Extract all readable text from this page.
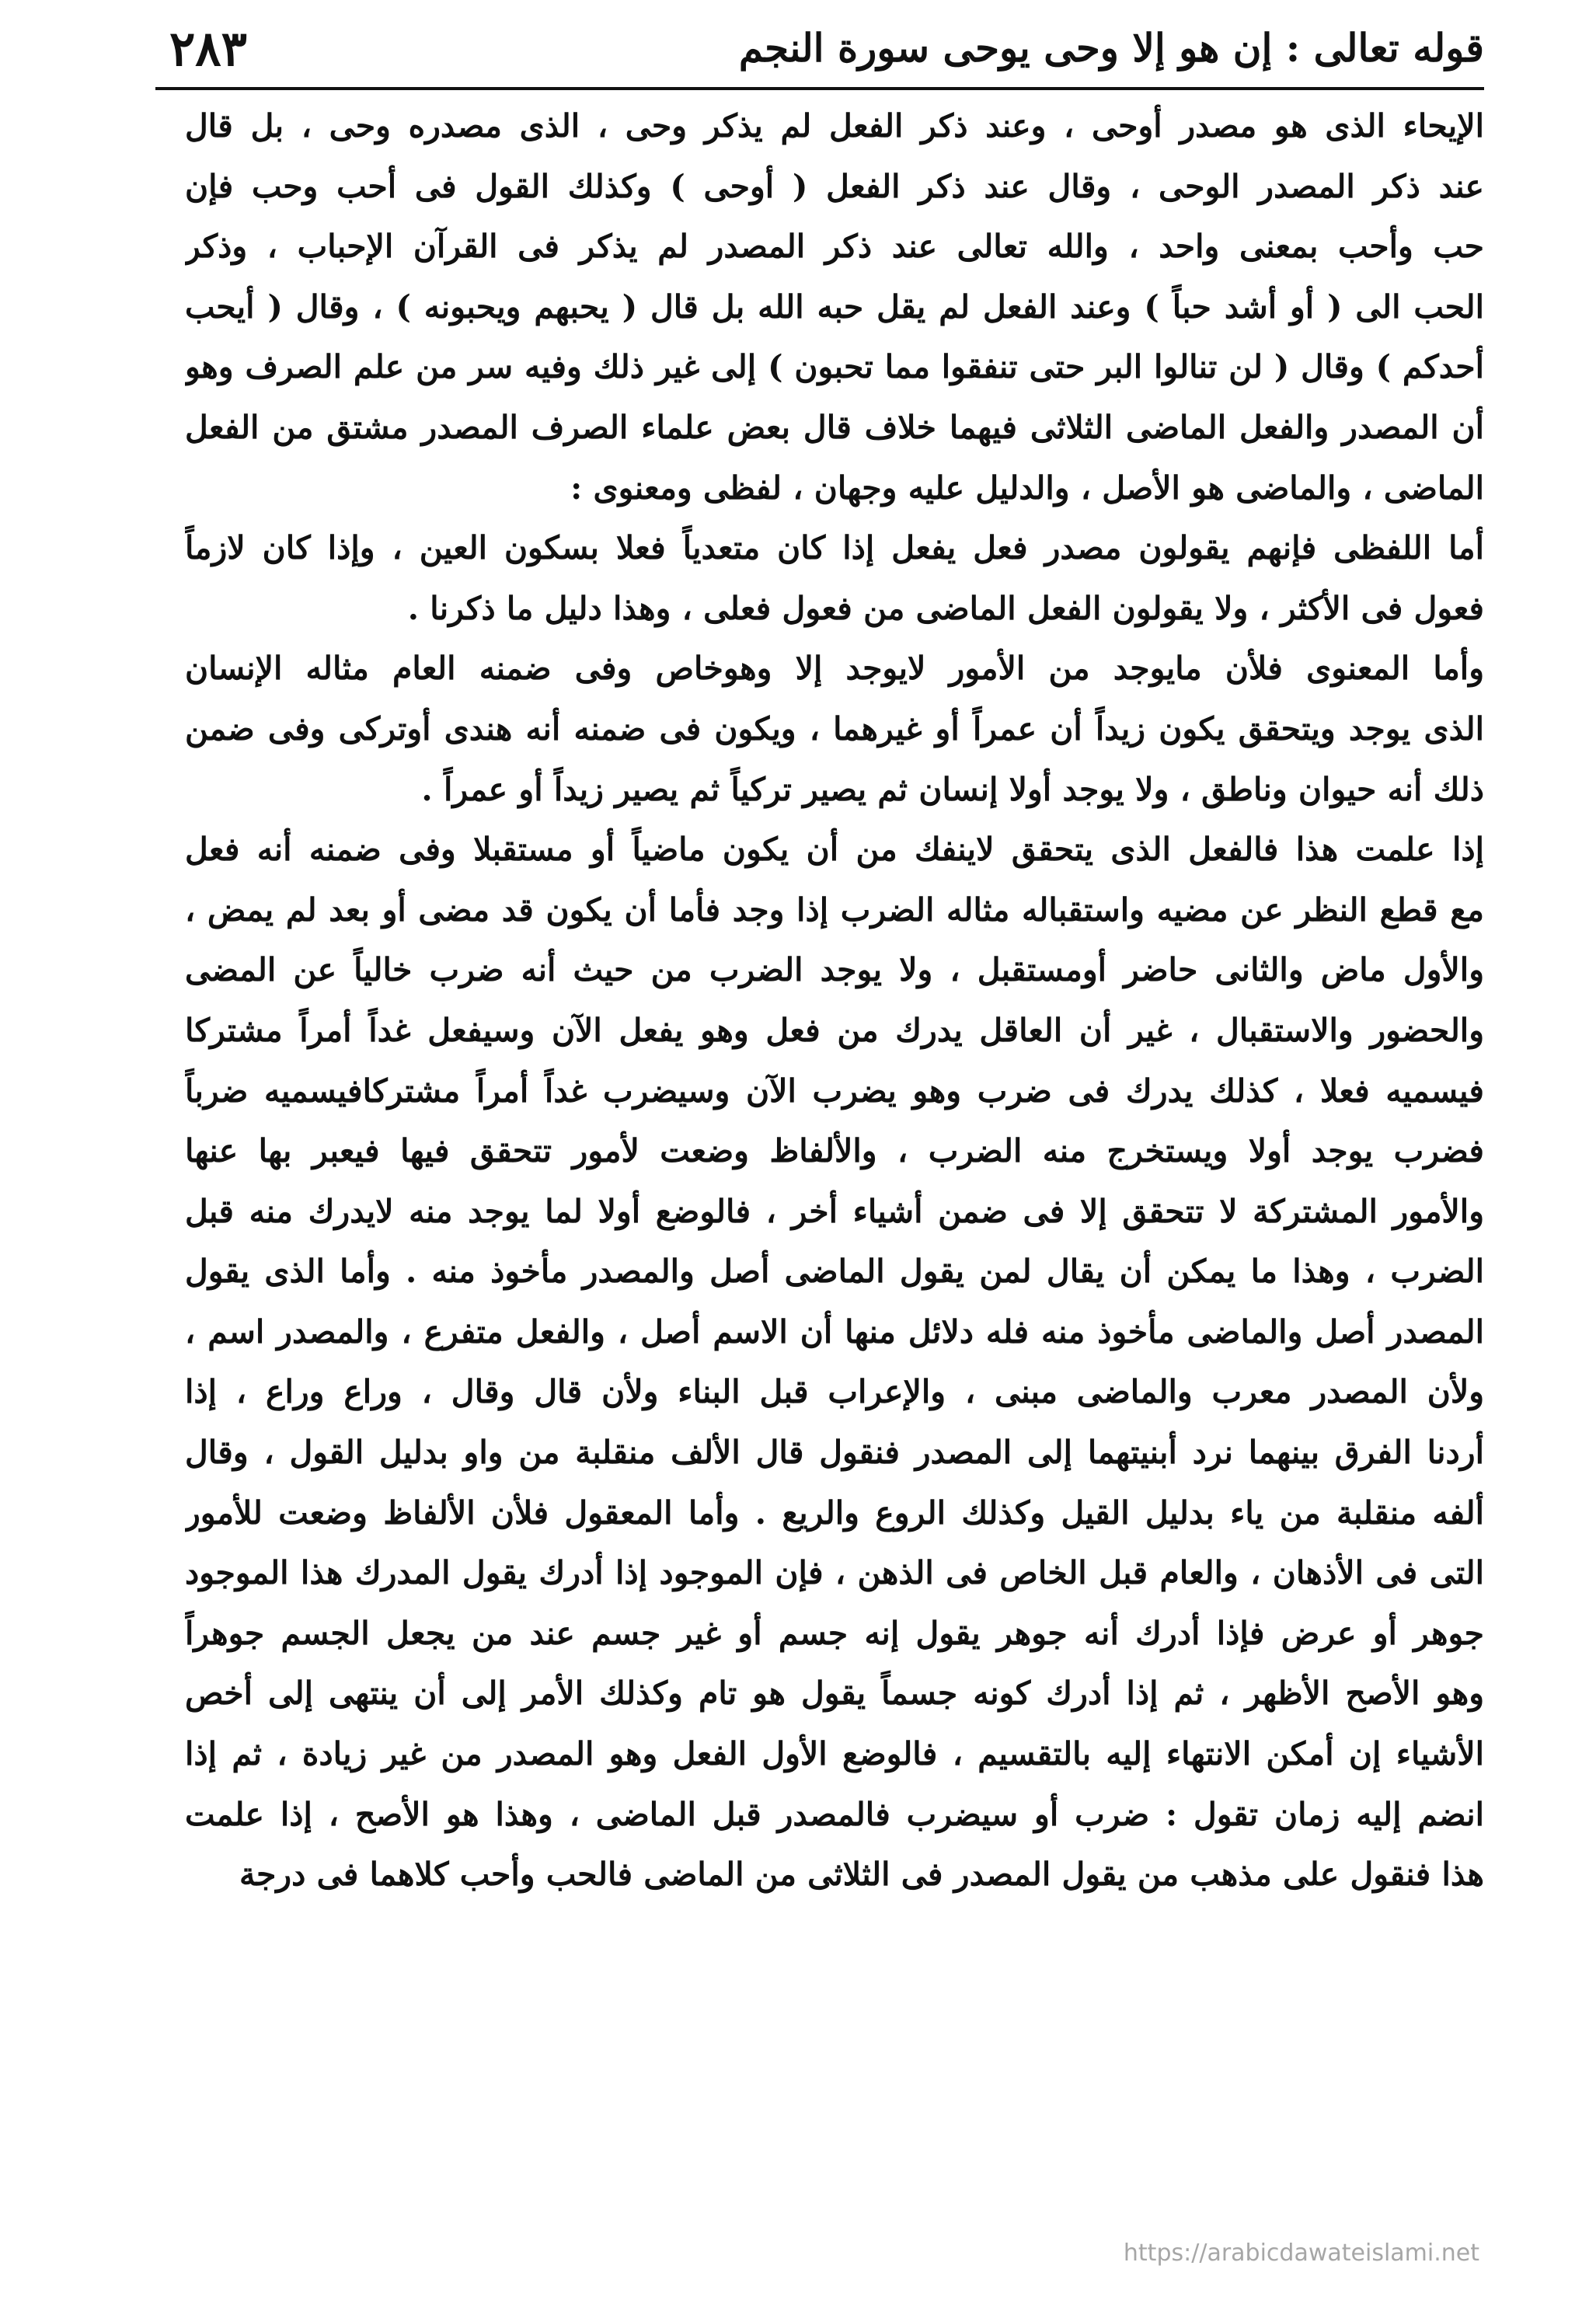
٢٨٣	قوله تعالى : إن هو إلا وحى يوحى سورة النجم
الإيحاء الذى هو مصدر أوحى ، وعند ذكر الفعل لم يذكر وحى ، الذى مصدره وحى ، بل قال
عند ذكر المصدر الوحى ، وقال عند ذكر الفعل ( أوحى ) وكذلك القول فى أحب وحب فإن
حب وأحب بمعنى واحد ، والله تعالى عند ذكر المصدر لم يذكر فى القرآن الإحباب ، وذكر
الحب الى ( أو أشد حباً ) وعند الفعل لم يقل حبه الله بل قال ( يحبهم ويحبونه ) ، وقال ( أيحب
أحدكم ) وقال ( لن تنالوا البر حتى تنفقوا مما تحبون ) إلى غير ذلك وفيه سر من علم الصرف وهو
أن المصدر والفعل الماضى الثلاثى فيهما خلاف قال بعض علماء الصرف المصدر مشتق من الفعل
الماضى ، والماضى هو الأصل ، والدليل عليه وجهان ، لفظى ومعنوى :
أما اللفظى فإنهم يقولون مصدر فعل يفعل إذا كان متعدياً فعلا بسكون العين ، وإذا كان لازماً
فعول فى الأكثر ، ولا يقولون الفعل الماضى من فعول فعلى ، وهذا دليل ما ذكرنا .
وأما المعنوى فلأن مايوجد من الأمور لايوجد إلا وهوخاص وفى ضمنه العام مثاله الإنسان
الذى يوجد ويتحقق يكون زيداً أن عمراً أو غيرهما ، ويكون فى ضمنه أنه هندى أوتركى وفى ضمن
ذلك أنه حيوان وناطق ، ولا يوجد أولا إنسان ثم يصير تركياً ثم يصير زيداً أو عمراً .
إذا علمت هذا فالفعل الذى يتحقق لاينفك من أن يكون ماضياً أو مستقبلا وفى ضمنه أنه فعل
مع قطع النظر عن مضيه واستقباله مثاله الضرب إذا وجد فأما أن يكون قد مضى أو بعد لم يمض ،
والأول ماض والثانى حاضر أومستقبل ، ولا يوجد الضرب من حيث أنه ضرب خالياً عن المضى
والحضور والاستقبال ، غير أن العاقل يدرك من فعل وهو يفعل الآن وسيفعل غداً أمراً مشتركا
فيسميه فعلا ، كذلك يدرك فى ضرب وهو يضرب الآن وسيضرب غداً أمراً مشتركافيسميه ضرباً
فضرب يوجد أولا ويستخرج منه الضرب ، والألفاظ وضعت لأمور تتحقق فيها فيعبر بها عنها
والأمور المشتركة لا تتحقق إلا فى ضمن أشياء أخر ، فالوضع أولا لما يوجد منه لايدرك منه قبل
الضرب ، وهذا ما يمكن أن يقال لمن يقول الماضى أصل والمصدر مأخوذ منه . وأما الذى يقول
المصدر أصل والماضى مأخوذ منه فله دلائل منها أن الاسم أصل ، والفعل متفرع ، والمصدر اسم ،
ولأن المصدر معرب والماضى مبنى ، والإعراب قبل البناء ولأن قال وقال ، وراع وراع ، إذا
أردنا الفرق بينهما نرد أبنيتهما إلى المصدر فنقول قال الألف منقلبة من واو بدليل القول ، وقال
ألفه منقلبة من ياء بدليل القيل وكذلك الروع والريع . وأما المعقول فلأن الألفاظ وضعت للأمور
التى فى الأذهان ، والعام قبل الخاص فى الذهن ، فإن الموجود إذا أدرك يقول المدرك هذا الموجود
جوهر أو عرض فإذا أدرك أنه جوهر يقول إنه جسم أو غير جسم عند من يجعل الجسم جوهراً
وهو الأصح الأظهر ، ثم إذا أدرك كونه جسماً يقول هو تام وكذلك الأمر إلى أن ينتهى إلى أخص
الأشياء إن أمكن الانتهاء إليه بالتقسيم ، فالوضع الأول الفعل وهو المصدر من غير زيادة ، ثم إذا
انضم إليه زمان تقول : ضرب أو سيضرب فالمصدر قبل الماضى ، وهذا هو الأصح ، إذا علمت
هذا فنقول على مذهب من يقول المصدر فى الثلاثى من الماضى فالحب وأحب كلاهما فى درجة
https://arabicdawateislami.net
